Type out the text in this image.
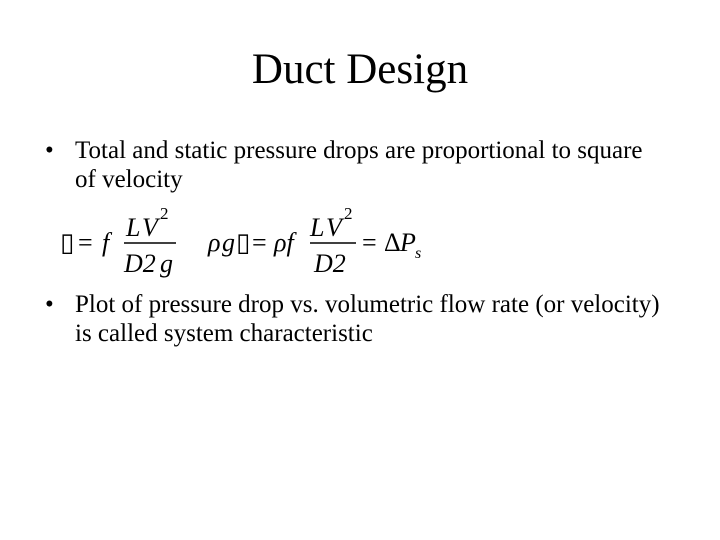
Duct Design
• Total and static pressure drops are proportional to square of velocity
▯ = f
L V 2
D2 g
ρ g ▯ = ρf
L V 2
D2
= Δ P s
• Plot of pressure drop vs. volumetric flow rate (or velocity) is called system characteristic
